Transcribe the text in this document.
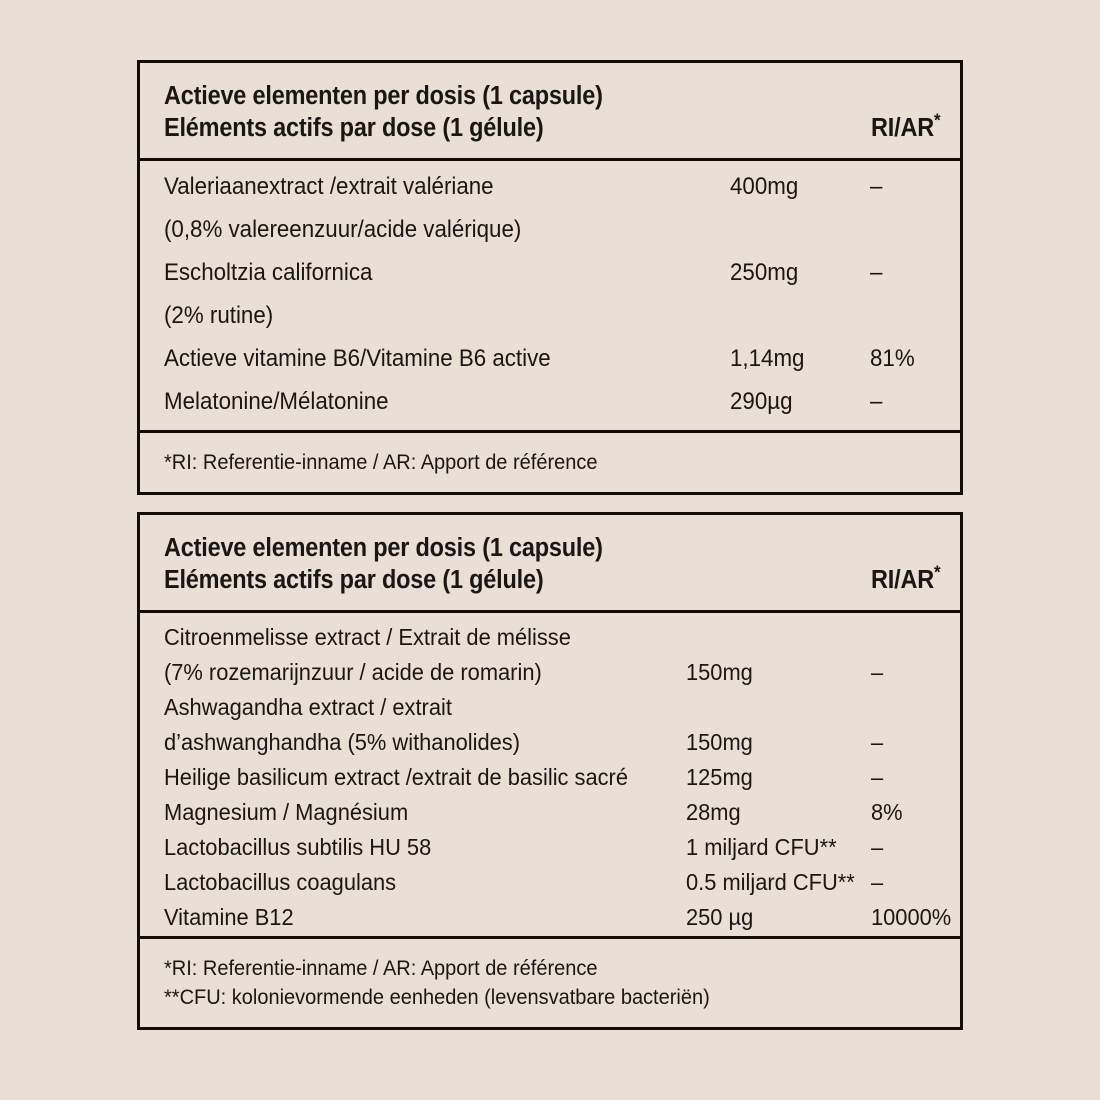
Actieve elementen per dosis (1 capsule)
Eléments actifs par dose (1 gélule)	RI/AR*
Valeriaanextract /extrait valériane	400mg	–
(0,8% valereenzuur/acide valérique)
Escholtzia californica	250mg	–
(2% rutine)
Actieve vitamine B6/Vitamine B6 active	1,14mg	81%
Melatonine/Mélatonine	290µg	–
*RI: Referentie-inname / AR: Apport de référence
Actieve elementen per dosis (1 capsule)
Eléments actifs par dose (1 gélule)	RI/AR*
Citroenmelisse extract / Extrait de mélisse
(7% rozemarijnzuur / acide de romarin)	150mg	–
Ashwagandha extract / extrait
d’ashwanghandha (5% withanolides)	150mg	–
Heilige basilicum extract /extrait de basilic sacré 125mg	–
Magnesium / Magnésium	28mg	8%
Lactobacillus subtilis HU 58	1 miljard CFU** –
Lactobacillus coagulans	0.5 miljard CFU** –
Vitamine B12	250 µg	10000%
*RI: Referentie-inname / AR: Apport de référence
**CFU: kolonievormende eenheden (levensvatbare bacteriën)
